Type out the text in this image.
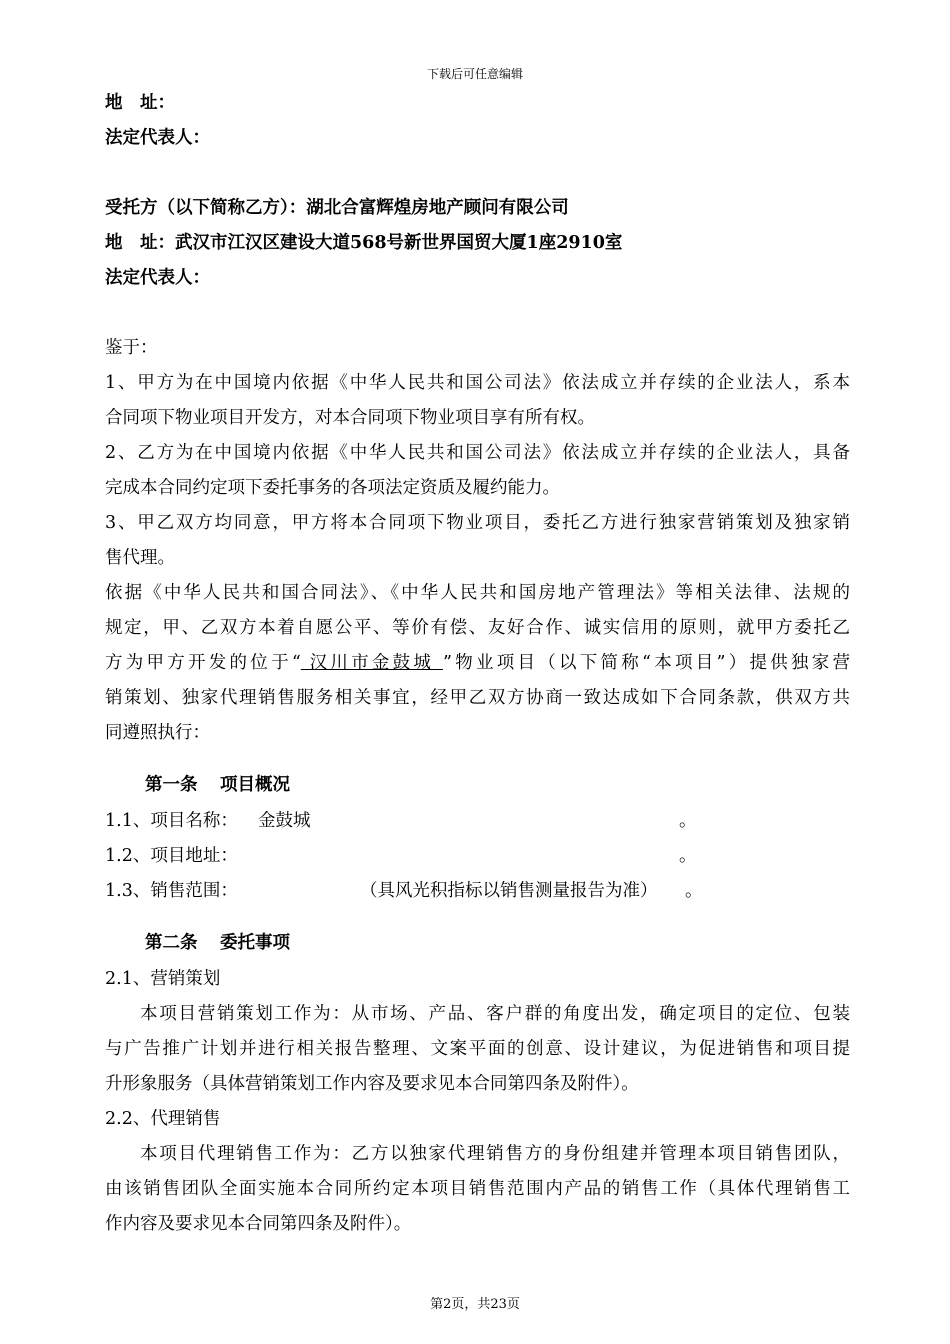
下载后可任意编辑
地　址：
法定代表人：
受托方（以下简称乙方）：湖北合富辉煌房地产顾问有限公司
地　址：武汉市江汉区建设大道568号新世界国贸大厦1座2910室
法定代表人：
鉴于：
1、甲方为在中国境内依据《中华人民共和国公司法》依法成立并存续的企业法人，系本
合同项下物业项目开发方，对本合同项下物业项目享有所有权。
2、乙方为在中国境内依据《中华人民共和国公司法》依法成立并存续的企业法人，具备
完成本合同约定项下委托事务的各项法定资质及履约能力。
3、甲乙双方均同意，甲方将本合同项下物业项目，委托乙方进行独家营销策划及独家销
售代理。
依据《中华人民共和国合同法》、《中华人民共和国房地产管理法》等相关法律、法规的
规定，甲、乙双方本着自愿公平、等价有偿、友好合作、诚实信用的原则，就甲方委托乙
方为甲方开发的位于“ 汉川市金鼓城 ”物业项目（以下简称“本项目”）提供独家营
销策划、独家代理销售服务相关事宜，经甲乙双方协商一致达成如下合同条款，供双方共
同遵照执行：
第一条 项目概况
1.1、项目名称： 金鼓城	。
1.2、项目地址：	。
1.3、销售范围：	（具风光积指标以销售测量报告为准） 。
第二条 委托事项
2.1、营销策划
本项目营销策划工作为：从市场、产品、客户群的角度出发，确定项目的定位、包装
与广告推广计划并进行相关报告整理、文案平面的创意、设计建议，为促进销售和项目提
升形象服务（具体营销策划工作内容及要求见本合同第四条及附件）。
2.2、代理销售
本项目代理销售工作为：乙方以独家代理销售方的身份组建并管理本项目销售团队，
由该销售团队全面实施本合同所约定本项目销售范围内产品的销售工作（具体代理销售工
作内容及要求见本合同第四条及附件）。
第2页，共23页
